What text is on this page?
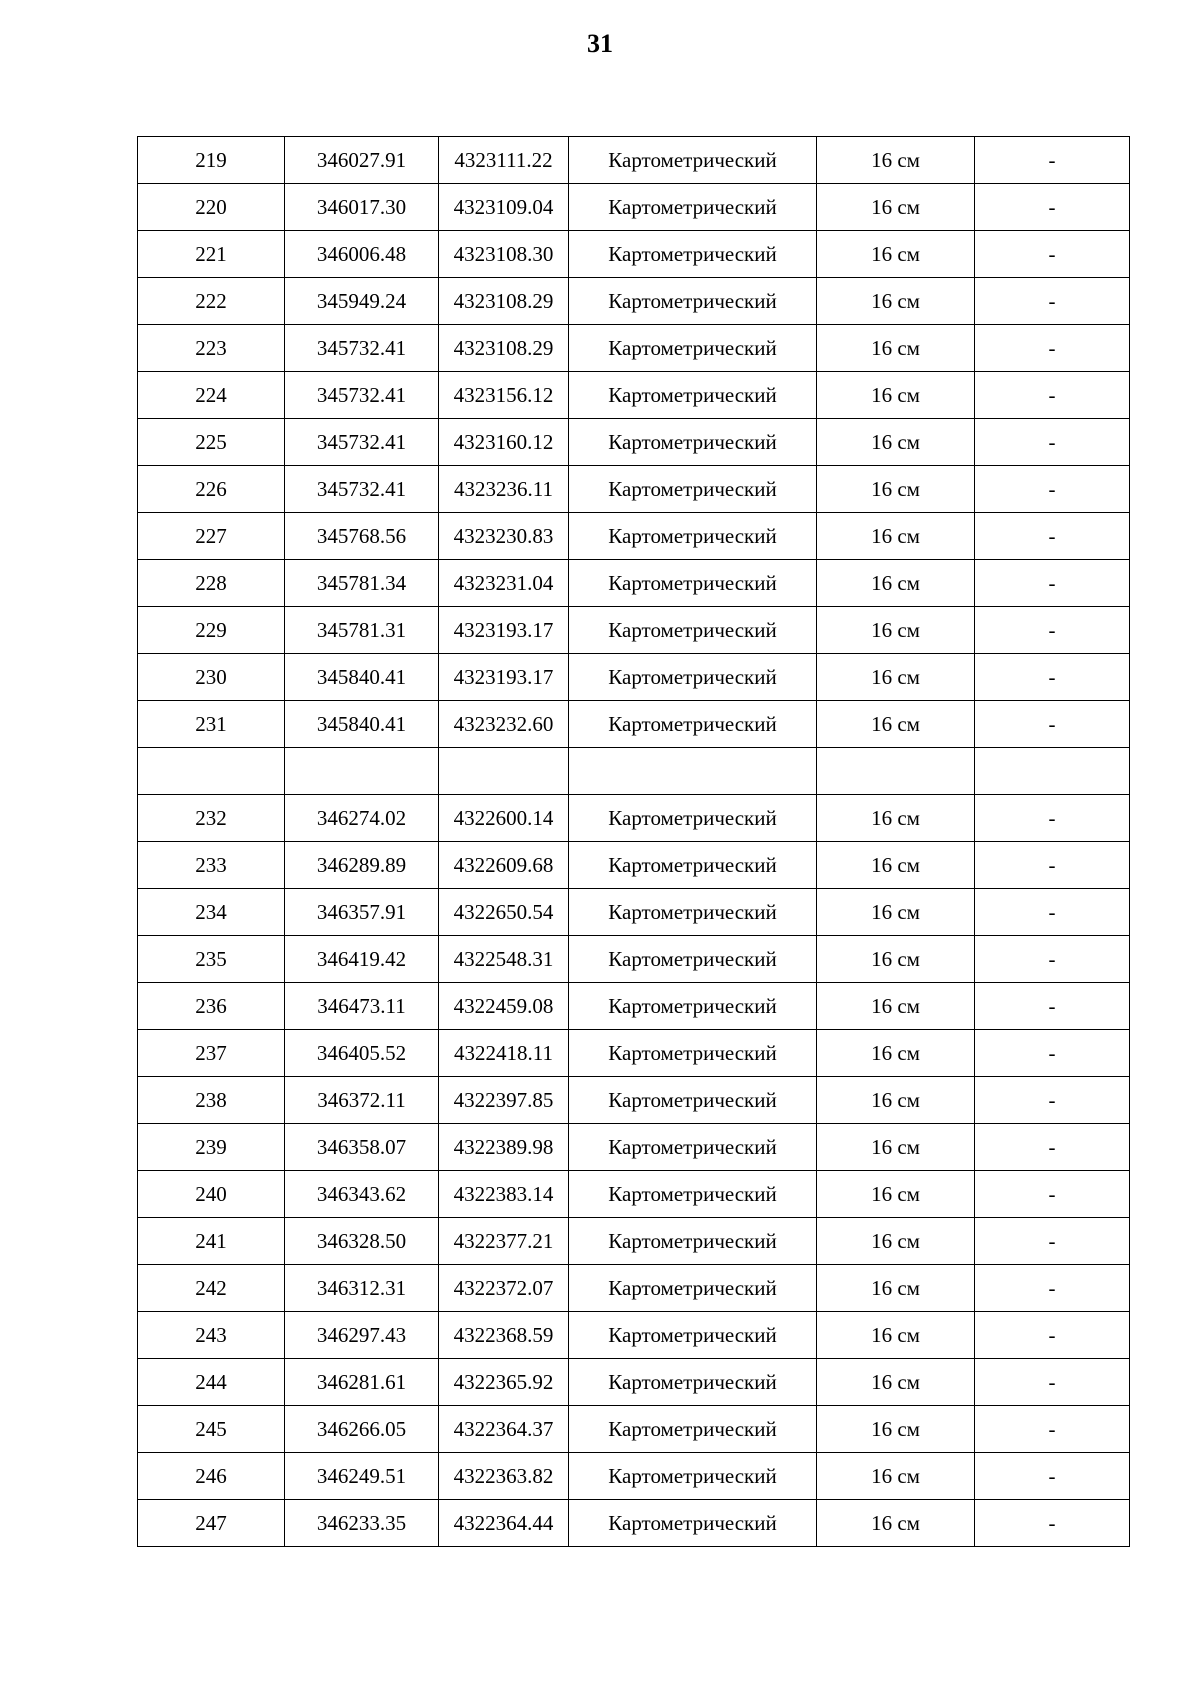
31
219	346027.91	4323111.22	Картометрический	16 см	-
220	346017.30	4323109.04	Картометрический	16 см	-
221	346006.48	4323108.30	Картометрический	16 см	-
222	345949.24	4323108.29	Картометрический	16 см	-
223	345732.41	4323108.29	Картометрический	16 см	-
224	345732.41	4323156.12	Картометрический	16 см	-
225	345732.41	4323160.12	Картометрический	16 см	-
226	345732.41	4323236.11	Картометрический	16 см	-
227	345768.56	4323230.83	Картометрический	16 см	-
228	345781.34	4323231.04	Картометрический	16 см	-
229	345781.31	4323193.17	Картометрический	16 см	-
230	345840.41	4323193.17	Картометрический	16 см	-
231	345840.41	4323232.60	Картометрический	16 см	-

232	346274.02	4322600.14	Картометрический	16 см	-
233	346289.89	4322609.68	Картометрический	16 см	-
234	346357.91	4322650.54	Картометрический	16 см	-
235	346419.42	4322548.31	Картометрический	16 см	-
236	346473.11	4322459.08	Картометрический	16 см	-
237	346405.52	4322418.11	Картометрический	16 см	-
238	346372.11	4322397.85	Картометрический	16 см	-
239	346358.07	4322389.98	Картометрический	16 см	-
240	346343.62	4322383.14	Картометрический	16 см	-
241	346328.50	4322377.21	Картометрический	16 см	-
242	346312.31	4322372.07	Картометрический	16 см	-
243	346297.43	4322368.59	Картометрический	16 см	-
244	346281.61	4322365.92	Картометрический	16 см	-
245	346266.05	4322364.37	Картометрический	16 см	-
246	346249.51	4322363.82	Картометрический	16 см	-
247	346233.35	4322364.44	Картометрический	16 см	-
